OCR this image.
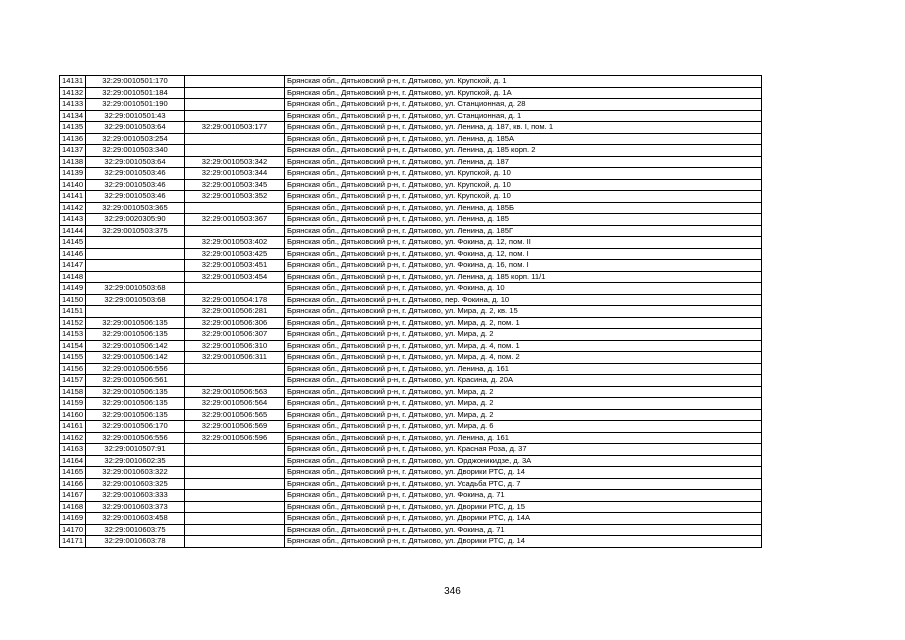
14131	32:29:0010501:170		Брянская обл., Дятьковский р-н, г. Дятьково, ул. Крупской, д. 1
14132	32:29:0010501:184		Брянская обл., Дятьковский р-н, г. Дятьково, ул. Крупской, д. 1А
14133	32:29:0010501:190		Брянская обл., Дятьковский р-н, г. Дятьково, ул. Станционная, д. 28
14134	32:29:0010501:43		Брянская обл., Дятьковский р-н, г. Дятьково, ул. Станционная, д. 1
14135	32:29:0010503:64	32:29:0010503:177	Брянская обл., Дятьковский р-н, г. Дятьково, ул. Ленина, д. 187, кв. I, пом. 1
14136	32:29:0010503:254		Брянская обл., Дятьковский р-н, г. Дятьково, ул. Ленина, д. 185А
14137	32:29:0010503:340		Брянская обл., Дятьковский р-н, г. Дятьково, ул. Ленина, д. 185 корп. 2
14138	32:29:0010503:64	32:29:0010503:342	Брянская обл., Дятьковский р-н, г. Дятьково, ул. Ленина, д. 187
14139	32:29:0010503:46	32:29:0010503:344	Брянская обл., Дятьковский р-н, г. Дятьково, ул. Крупской, д. 10
14140	32:29:0010503:46	32:29:0010503:345	Брянская обл., Дятьковский р-н, г. Дятьково, ул. Крупской, д. 10
14141	32:29:0010503:46	32:29:0010503:352	Брянская обл., Дятьковский р-н, г. Дятьково, ул. Крупской, д. 10
14142	32:29:0010503:365		Брянская обл., Дятьковский р-н, г. Дятьково, ул. Ленина, д. 185Б
14143	32:29:0020305:90	32:29:0010503:367	Брянская обл., Дятьковский р-н, г. Дятьково, ул. Ленина, д. 185
14144	32:29:0010503:375		Брянская обл., Дятьковский р-н, г. Дятьково, ул. Ленина, д. 185Г
14145		32:29:0010503:402	Брянская обл., Дятьковский р-н, г. Дятьково, ул. Фокина, д. 12, пом. II
14146		32:29:0010503:425	Брянская обл., Дятьковский р-н, г. Дятьково, ул. Фокина, д. 12, пом. I
14147		32:29:0010503:451	Брянская обл., Дятьковский р-н, г. Дятьково, ул. Фокина, д. 16, пом. I
14148		32:29:0010503:454	Брянская обл., Дятьковский р-н, г. Дятьково, ул. Ленина, д. 185 корп. 11/1
14149	32:29:0010503:68		Брянская обл., Дятьковский р-н, г. Дятьково, ул. Фокина, д. 10
14150	32:29:0010503:68	32:29:0010504:178	Брянская обл., Дятьковский р-н, г. Дятьково, пер. Фокина, д. 10
14151		32:29:0010506:281	Брянская обл., Дятьковский р-н, г. Дятьково, ул. Мира, д. 2, кв. 15
14152	32:29:0010506:135	32:29:0010506:306	Брянская обл., Дятьковский р-н, г. Дятьково, ул. Мира, д. 2, пом. 1
14153	32:29:0010506:135	32:29:0010506:307	Брянская обл., Дятьковский р-н, г. Дятьково, ул. Мира, д. 2
14154	32:29:0010506:142	32:29:0010506:310	Брянская обл., Дятьковский р-н, г. Дятьково, ул. Мира, д. 4, пом. 1
14155	32:29:0010506:142	32:29:0010506:311	Брянская обл., Дятьковский р-н, г. Дятьково, ул. Мира, д. 4, пом. 2
14156	32:29:0010506:556		Брянская обл., Дятьковский р-н, г. Дятьково, ул. Ленина, д. 161
14157	32:29:0010506:561		Брянская обл., Дятьковский р-н, г. Дятьково, ул. Красина, д. 20А
14158	32:29:0010506:135	32:29:0010506:563	Брянская обл., Дятьковский р-н, г. Дятьково, ул. Мира, д. 2
14159	32:29:0010506:135	32:29:0010506:564	Брянская обл., Дятьковский р-н, г. Дятьково, ул. Мира, д. 2
14160	32:29:0010506:135	32:29:0010506:565	Брянская обл., Дятьковский р-н, г. Дятьково, ул. Мира, д. 2
14161	32:29:0010506:170	32:29:0010506:569	Брянская обл., Дятьковский р-н, г. Дятьково, ул. Мира, д. 6
14162	32:29:0010506:556	32:29:0010506:596	Брянская обл., Дятьковский р-н, г. Дятьково, ул. Ленина, д. 161
14163	32:29:0010507:91		Брянская обл., Дятьковский р-н, г. Дятьково, ул. Красная Роза, д. 37
14164	32:29:0010602:35		Брянская обл., Дятьковский р-н, г. Дятьково, ул. Орджоникидзе, д. 3А
14165	32:29:0010603:322		Брянская обл., Дятьковский р-н, г. Дятьково, ул. Дворики РТС, д. 14
14166	32:29:0010603:325		Брянская обл., Дятьковский р-н, г. Дятьково, ул. Усадьба РТС, д. 7
14167	32:29:0010603:333		Брянская обл., Дятьковский р-н, г. Дятьково, ул. Фокина, д. 71
14168	32:29:0010603:373		Брянская обл., Дятьковский р-н, г. Дятьково, ул. Дворики РТС, д. 15
14169	32:29:0010603:458		Брянская обл., Дятьковский р-н, г. Дятьково, ул. Дворики РТС, д. 14А
14170	32:29:0010603:75		Брянская обл., Дятьковский р-н, г. Дятьково, ул. Фокина, д. 71
14171	32:29:0010603:78		Брянская обл., Дятьковский р-н, г. Дятьково, ул. Дворики РТС, д. 14
346
